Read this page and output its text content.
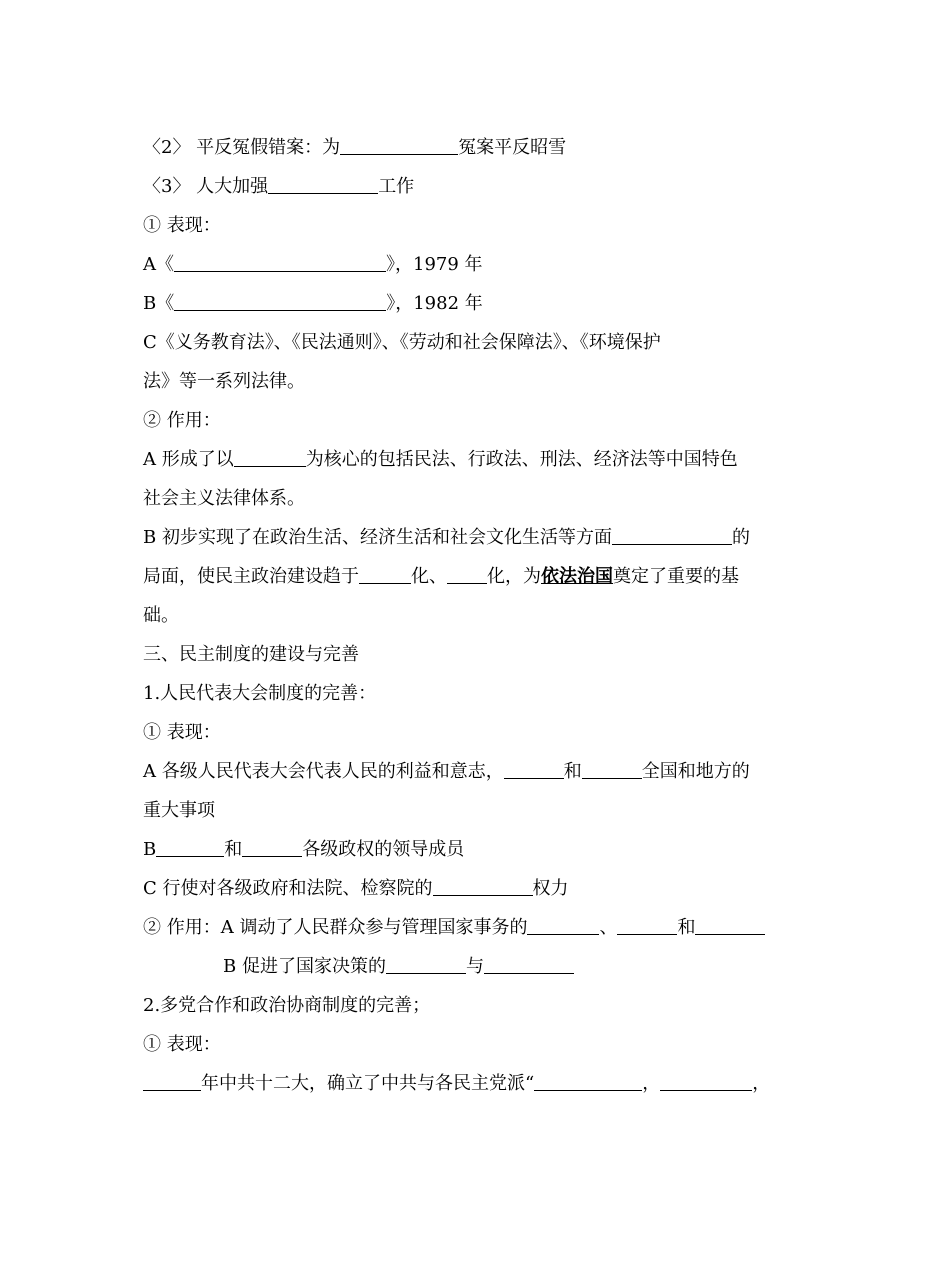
〈2〉 平反冤假错案：为	冤案平反昭雪
〈3〉 人大加强	工作
① 表现：
A《	》，1979 年
B《	》，1982 年
C《义务教育法》、《民法通则》、《劳动和社会保障法》、《环境保护
法》等一系列法律。
② 作用：
A 形成了以	为核心的包括民法、行政法、刑法、经济法等中国特色
社会主义法律体系。
B 初步实现了在政治生活、经济生活和社会文化生活等方面	的
局面，使民主政治建设趋于	化、 化，为依法治国奠定了重要的基
础。
三、民主制度的建设与完善
1.人民代表大会制度的完善：
① 表现：
A 各级人民代表大会代表人民的利益和意志，	和	全国和地方的
重大事项
B	和	各级政权的领导成员
C 行使对各级政府和法院、检察院的	权力
② 作用：A 调动了人民群众参与管理国家事务的	、	和
B 促进了国家决策的	与
2.多党合作和政治协商制度的完善；
① 表现：
年中共十二大，确立了中共与各民主党派“	，	，
